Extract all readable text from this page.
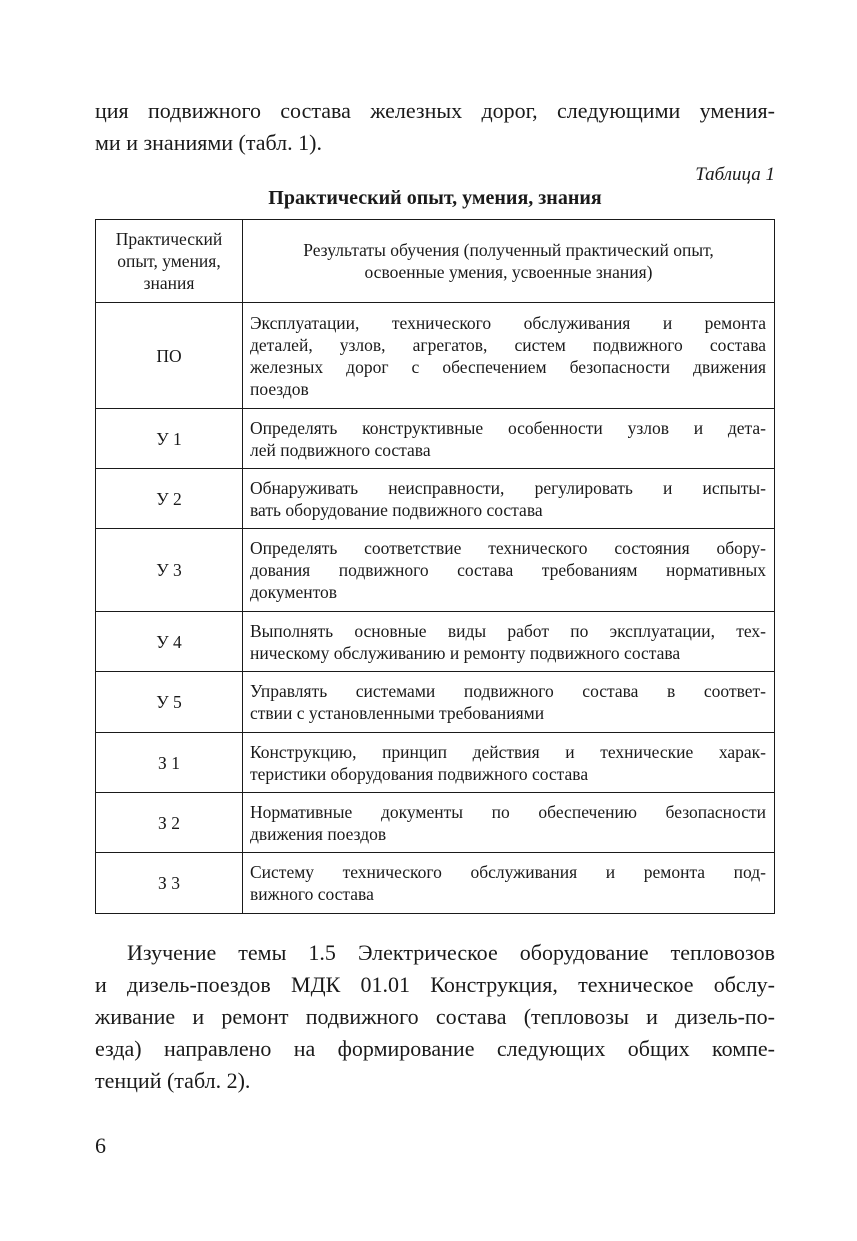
ция подвижного состава железных дорог, следующими умения-
ми и знаниями (табл. 1).

Таблица 1
Практический опыт, умения, знания
Практический
опыт, умения,
знания	Результаты обучения (полученный практический опыт,
освоенные умения, усвоенные знания)

ПО	Эксплуатации, технического обслуживания и ремонта
деталей, узлов, агрегатов, систем подвижного состава
железных дорог с обеспечением безопасности движения
поездов

У 1	Определять конструктивные особенности узлов и дета-
лей подвижного состава

У 2	Обнаруживать неисправности, регулировать и испыты-
вать оборудование подвижного состава

У 3	Определять соответствие технического состояния обору-
дования подвижного состава требованиям нормативных
документов

У 4	Выполнять основные виды работ по эксплуатации, тех-
ническому обслуживанию и ремонту подвижного состава

У 5	Управлять системами подвижного состава в соответ-
ствии с установленными требованиями

З 1	Конструкцию, принцип действия и технические харак-
теристики оборудования подвижного состава

З 2	Нормативные документы по обеспечению безопасности
движения поездов

З 3	Систему технического обслуживания и ремонта под-
вижного состава

Изучение темы 1.5 Электрическое оборудование тепловозов
и дизель-поездов МДК 01.01 Конструкция, техническое обслу-
живание и ремонт подвижного состава (тепловозы и дизель-по-
езда) направлено на формирование следующих общих компе-
тенций (табл. 2).

6
